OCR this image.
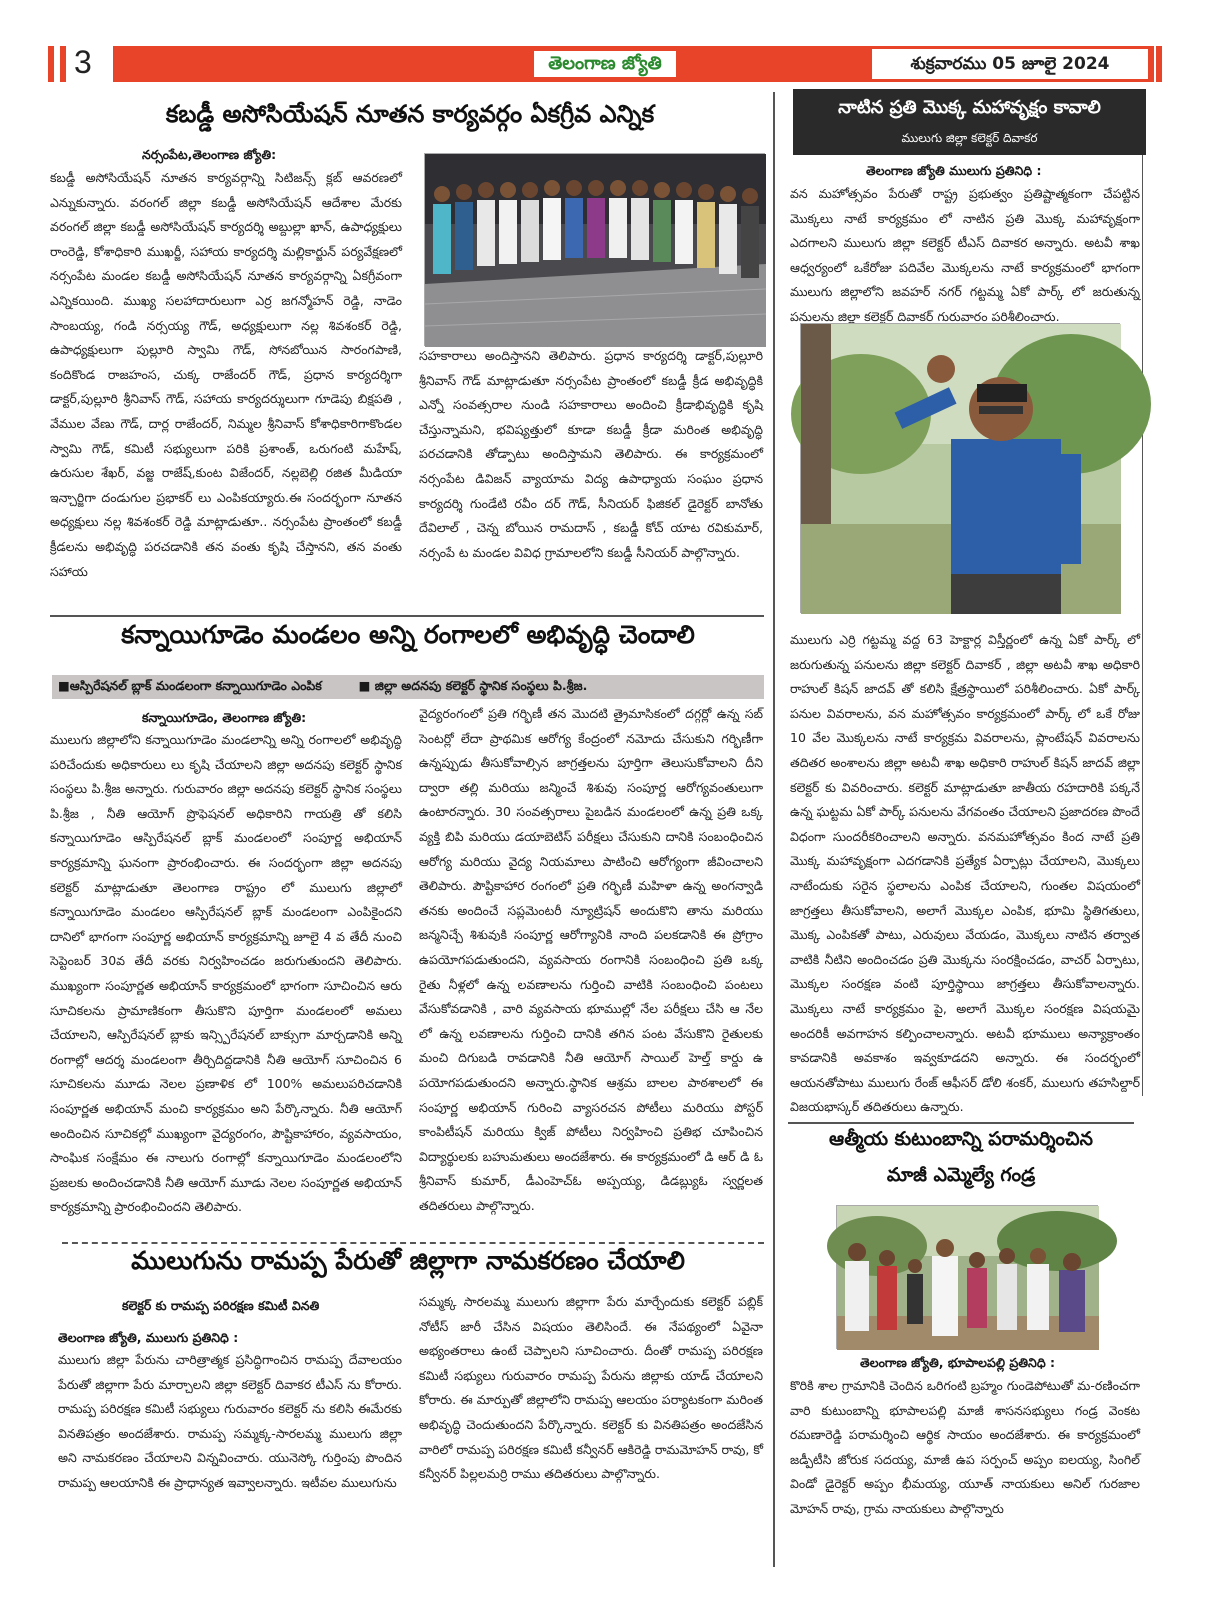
3	తెలంగాణ జ్యోతి	శుక్రవారము 05 జూలై 2024
కబడ్డీ అసోసియేషన్ నూతన కార్యవర్గం ఏకగ్రీవ ఎన్నిక
నర్సంపేట,తెలంగాణ జ్యోతి:
కబడ్డీ అసోసియేషన్ నూతన కార్యవర్గాన్ని సిటిజన్స్ క్లబ్ ఆవరణలో ఎన్నుకున్నారు. వరంగల్ జిల్లా కబడ్డీ అసోసియేషన్ ఆదేశాల మేరకు వరంగల్ జిల్లా కబడ్డీ అసోసియేషన్ కార్యదర్శి అబ్దుల్లా ఖాన్, ఉపాధ్యక్షులు రాంరెడ్డి, కోశాధికారి ముఖర్జీ, సహాయ కార్యదర్శి మల్లికార్జున్ పర్యవేక్షణలో నర్సంపేట మండల కబడ్డీ అసోసియేషన్ నూతన కార్యవర్గాన్ని ఏకగ్రీవంగా ఎన్నికయింది. ముఖ్య సలహాదారులుగా ఎర్ర జగన్మోహన్ రెడ్డి, నాడెం సాంబయ్య, గండి నర్సయ్య గౌడ్, అధ్యక్షులుగా నల్ల శివశంకర్ రెడ్డి, ఉపాధ్యక్షులుగా పుల్లూరి స్వామి గౌడ్, సోనబోయిన సారంగపాణి, కందికొండ రాజహంస, చుక్క రాజేందర్ గౌడ్, ప్రధాన కార్యదర్శిగా డాక్టర్,పుల్లూరి శ్రీనివాస్ గౌడ్, సహాయ కార్యదర్శులుగా గూడెపు బిక్షపతి , వేముల వేణు గౌడ్, దార్ల రాజేందర్, నిమ్మల శ్రీనివాస్ కోశాధికారిగాకొండల స్వామి గౌడ్, కమిటీ సభ్యులుగా పరికి ప్రశాంత్, ఒరుగంటి మహేష్, ఉరుసుల శేఖర్, వజ్జ రాజేష్,కుంట విజేందర్, నల్లబెల్లి రజిత మీడియా ఇన్చార్జిగా దండుగుల ప్రభాకర్ లు ఎంపికయ్యారు.ఈ సందర్భంగా నూతన అధ్యక్షులు నల్ల శివశంకర్ రెడ్డి మాట్లాడుతూ.. నర్సంపేట ప్రాంతంలో కబడ్డీ క్రీడలను అభివృద్ధి పరచడానికి తన వంతు కృషి చేస్తానని, తన వంతు సహాయ
సహకారాలు అందిస్తానని తెలిపారు. ప్రధాన కార్యదర్శి డాక్టర్,పుల్లూరి శ్రీనివాస్ గౌడ్ మాట్లాడుతూ నర్సంపేట ప్రాంతంలో కబడ్డీ క్రీడ అభివృద్ధికి ఎన్నో సంవత్సరాల నుండి సహకారాలు అందించి క్రీడాభివృద్ధికి కృషి చేస్తున్నామని, భవిష్యత్తులో కూడా కబడ్డీ క్రీడా మరింత అభివృద్ధి పరచడానికి తోడ్పాటు అందిస్తామని తెలిపారు. ఈ కార్యక్రమంలో నర్సంపేట డివిజన్ వ్యాయామ విద్య ఉపాధ్యాయ సంఘం ప్రధాన కార్యదర్శి గుండేటి రవీం దర్ గౌడ్, సీనియర్ ఫిజికల్ డైరెక్టర్ బానోతు దేవిలాల్ , చెన్న బోయిన రామదాస్ , కబడ్డీ కోచ్ యాట రవికుమార్, నర్సంపే ట మండల వివిధ గ్రామాలలోని కబడ్డీ సీనియర్ పాల్గొన్నారు.
కన్నాయిగూడెం మండలం అన్ని రంగాలలో అభివృద్ధి చెందాలి
■ఆస్పిరేషనల్ బ్లాక్ మండలంగా కన్నాయిగూడెం ఎంపిక	■ జిల్లా అదనపు కలెక్టర్ స్థానిక సంస్థలు పి.శ్రీజ.
కన్నాయిగూడెం, తెలంగాణ జ్యోతి:
ములుగు జిల్లాలోని కన్నాయిగూడెం మండలాన్ని అన్ని రంగాలలో అభివృద్ధి పరిచేందుకు అధికారులు లు కృషి చేయాలని జిల్లా అదనపు కలెక్టర్ స్థానిక సంస్థలు పి.శ్రీజ అన్నారు. గురువారం జిల్లా అదనపు కలెక్టర్ స్థానిక సంస్థలు పి.శ్రీజ , నీతి ఆయోగ్ ప్రొఫెషనల్ అధికారిని గాయత్రి తో కలిసి కన్నాయిగూడెం ఆస్పిరేషనల్ బ్లాక్ మండలంలో సంపూర్ణ అభియాన్ కార్యక్రమాన్ని ఘనంగా ప్రారంభించారు. ఈ సందర్భంగా జిల్లా అదనపు కలెక్టర్ మాట్లాడుతూ తెలంగాణ రాష్ట్రం లో ములుగు జిల్లాలో కన్నాయిగూడెం మండలం ఆస్పిరేషనల్ బ్లాక్ మండలంగా ఎంపికైందని దానిలో భాగంగా సంపూర్ణ అభియాన్ కార్యక్రమాన్ని జూలై 4 వ తేదీ నుంచి సెప్టెంబర్ 30వ తేదీ వరకు నిర్వహించడం జరుగుతుందని తెలిపారు. ముఖ్యంగా సంపూర్ణత అభియాన్ కార్యక్రమంలో భాగంగా సూచించిన ఆరు సూచికలను ప్రామాణికంగా తీసుకొని పూర్తిగా మండలంలో అమలు చేయాలని, ఆస్పిరేషనల్ బ్లాకు ఇన్స్పిరేషనల్ బాక్సుగా మార్చడానికి అన్ని రంగాల్లో ఆదర్శ మండలంగా తీర్చిదిద్దడానికి నీతి ఆయోగ్ సూచించిన 6 సూచికలను మూడు నెలల ప్రణాళిక లో 100% అమలుపరిచడానికి సంపూర్ణత అభియాన్ మంచి కార్యక్రమం అని పేర్కొన్నారు. నీతి ఆయోగ్ అందించిన సూచికల్లో ముఖ్యంగా వైద్యరంగం, పౌష్టికాహారం, వ్యవసాయం, సాంఘిక సంక్షేమం ఈ నాలుగు రంగాల్లో కన్నాయిగూడెం మండలంలోని ప్రజలకు అందించడానికి నీతి ఆయోగ్ మూడు నెలల సంపూర్ణత అభియాన్ కార్యక్రమాన్ని ప్రారంభించిందని తెలిపారు.
వైద్యరంగంలో ప్రతి గర్భిణీ తన మొదటి త్రైమాసికంలో దగ్గర్లో ఉన్న సబ్ సెంటర్లో లేదా ప్రాథమిక ఆరోగ్య కేంద్రంలో నమోదు చేసుకుని గర్భిణీగా ఉన్నప్పుడు తీసుకోవాల్సిన జాగ్రత్తలను పూర్తిగా తెలుసుకోవాలని దీని ద్వారా తల్లి మరియు జన్మించే శిశువు సంపూర్ణ ఆరోగ్యవంతులుగా ఉంటారన్నారు. 30 సంవత్సరాలు పైబడిన మండలంలో ఉన్న ప్రతి ఒక్క వ్యక్తి బిపి మరియు డయాబెటిస్ పరీక్షలు చేసుకుని దానికి సంబంధించిన ఆరోగ్య మరియు వైద్య నియమాలు పాటించి ఆరోగ్యంగా జీవించాలని తెలిపారు. పౌష్టికాహార రంగంలో ప్రతి గర్భిణీ మహిళా ఉన్న అంగన్వాడి తనకు అందించే సప్లమెంటరీ న్యూట్రిషన్ అందుకొని తాను మరియు జన్మనిచ్చే శిశువుకి సంపూర్ణ ఆరోగ్యానికి నాంది పలకడానికి ఈ ప్రోగ్రాం ఉపయోగపడుతుందని, వ్యవసాయ రంగానికి సంబంధించి ప్రతి ఒక్క రైతు నీళ్లలో ఉన్న లవణాలను గుర్తించి వాటికి సంబంధించి పంటలు వేసుకోవడానికి , వారి వ్యవసాయ భూముల్లో నేల పరీక్షలు చేసి ఆ నేల లో ఉన్న లవణాలను గుర్తించి దానికి తగిన పంట వేసుకొని రైతులకు మంచి దిగుబడి రావడానికి నీతి ఆయోగ్ సాయిల్ హెల్త్ కార్డు ఉ పయోగపడుతుందని అన్నారు.స్థానిక ఆశ్రమ బాలల పాఠశాలలో ఈ సంపూర్ణ అభియాన్ గురించి వ్యాసరచన పోటీలు మరియు పోస్టర్ కాంపిటీషన్ మరియు క్విజ్ పోటీలు నిర్వహించి ప్రతిభ చూపించిన విద్యార్థులకు బహుమతులు అందజేశారు. ఈ కార్యక్రమంలో డి ఆర్ డి ఓ శ్రీనివాస్ కుమార్, డీఎంహెచ్ఓ అప్పయ్య, డిడబ్ల్యుఓ స్వర్ణలత తదితరులు పాల్గొన్నారు.
ములుగును రామప్ప పేరుతో జిల్లాగా నామకరణం చేయాలి
కలెక్టర్ కు రామప్ప పరిరక్షణ కమిటీ వినతి
తెలంగాణ జ్యోతి, ములుగు ప్రతినిధి :
ములుగు జిల్లా పేరును చారిత్రాత్మక ప్రసిద్ధిగాంచిన రామప్ప దేవాలయం పేరుతో జిల్లాగా పేరు మార్చాలని జిల్లా కలెక్టర్ దివాకర టీఎస్ ను కోరారు. రామప్ప పరిరక్షణ కమిటీ సభ్యులు గురువారం కలెక్టర్ ను కలిసి ఈమేరకు వినతిపత్రం అందజేశారు. రామప్ప సమ్మక్క-సారలమ్మ ములుగు జిల్లా అని నామకరణం చేయాలని విన్నవించారు. యునెస్కో గుర్తింపు పొందిన రామప్ప ఆలయానికి ఈ ప్రాధాన్యత ఇవ్వాలన్నారు. ఇటీవల ములుగును
సమ్మక్క సారలమ్మ ములుగు జిల్లాగా పేరు మార్చేందుకు కలెక్టర్ పబ్లిక్ నోటీస్ జారీ చేసిన విషయం తెలిసిందే. ఈ నేపథ్యంలో ఏవైనా అభ్యంతరాలు ఉంటే చెప్పాలని సూచించారు. దీంతో రామప్ప పరిరక్షణ కమిటీ సభ్యులు గురువారం రామప్ప పేరును జిల్లాకు యాడ్ చేయాలని కోరారు. ఈ మార్పుతో జిల్లాలోని రామప్ప ఆలయం పర్యాటకంగా మరింత అభివృద్ధి చెందుతుందని పేర్కొన్నారు. కలెక్టర్ కు వినతిపత్రం అందజేసిన వారిలో రామప్ప పరిరక్షణ కమిటీ కన్వీనర్ ఆకిరెడ్డి రామమోహన్ రావు, కో కన్వీనర్ పిల్లలమర్రి రాము తదితరులు పాల్గొన్నారు.
నాటిన ప్రతి మొక్క మహావృక్షం కావాలి
ములుగు జిల్లా కలెక్టర్ దివాకర
తెలంగాణ జ్యోతి ములుగు ప్రతినిధి :
వన మహోత్సవం పేరుతో రాష్ట్ర ప్రభుత్వం ప్రతిష్టాత్మకంగా చేపట్టిన మొక్కలు నాటే కార్యక్రమం లో నాటిన ప్రతి మొక్క మహావృక్షంగా ఎదగాలని ములుగు జిల్లా కలెక్టర్ టీఎస్ దివాకర అన్నారు. అటవీ శాఖ ఆధ్వర్యంలో ఒకేరోజు పదివేల మొక్కలను నాటే కార్యక్రమంలో భాగంగా ములుగు జిల్లాలోని జవహర్ నగర్ గట్టమ్మ ఏకో పార్క్ లో జరుతున్న పనులను జిల్లా కలెక్టర్ దివాకర్ గురువారం పరిశీలించారు.
ములుగు ఎర్రి గట్టమ్మ వద్ద 63 హెక్టార్ల విస్తీర్ణంలో ఉన్న ఏకో పార్క్ లో జరుగుతున్న పనులను జిల్లా కలెక్టర్ దివాకర్ , జిల్లా అటవీ శాఖ అధికారి రాహుల్ కిషన్ జాదవ్ తో కలిసి క్షేత్రస్థాయిలో పరిశీలించారు. ఏకో పార్క్ పనుల వివరాలను, వన మహోత్సవం కార్యక్రమంలో పార్క్ లో ఒకే రోజు 10 వేల మొక్కలను నాటే కార్యక్రమ వివరాలను, ప్లాంటేషన్ వివరాలను తదితర అంశాలను జిల్లా అటవీ శాఖ అధికారి రాహుల్ కిషన్ జాదవ్ జిల్లా కలెక్టర్ కు వివరించారు. కలెక్టర్ మాట్లాడుతూ జాతీయ రహదారికి పక్కనే ఉన్న ఘట్టమ ఏకో పార్క్ పనులను వేగవంతం చేయాలని ప్రజాదరణ పొందే విధంగా సుందరీకరించాలని అన్నారు. వనమహోత్సవం కింద నాటే ప్రతి మొక్క మహావృక్షంగా ఎదగడానికి ప్రత్యేక ఏర్పాట్లు చేయాలని, మొక్కలు నాటేందుకు సరైన స్థలాలను ఎంపిక చేయాలని, గుంతల విషయంలో జాగ్రత్తలు తీసుకోవాలని, అలాగే మొక్కల ఎంపిక, భూమి స్థితిగతులు, మొక్క ఎంపికతో పాటు, ఎరువులు వేయడం, మొక్కలు నాటిన తర్వాత వాటికి నీటిని అందించడం ప్రతి మొక్కను సంరక్షించడం, వాచర్ ఏర్పాటు, మొక్కల సంరక్షణ వంటి పూర్తిస్థాయి జాగ్రత్తలు తీసుకోవాలన్నారు. మొక్కలు నాటే కార్యక్రమం పై, అలాగే మొక్కల సంరక్షణ విషయమై అందరికీ అవగాహన కల్పించాలన్నారు. అటవీ భూములు అన్యాక్రాంతం కావడానికి అవకాశం ఇవ్వకూడదని అన్నారు. ఈ సందర్భంలో ఆయనతోపాటు ములుగు రేంజ్ ఆఫీసర్ డోలి శంకర్, ములుగు తహసిల్దార్ విజయభాస్కర్ తదితరులు ఉన్నారు.
ఆత్మీయ కుటుంబాన్ని పరామర్శించిన
మాజీ ఎమ్మెల్యే గండ్ర
తెలంగాణ జ్యోతి, భూపాలపల్లి ప్రతినిధి :
కొరికి శాల గ్రామానికి చెందిన ఒరిగంటి బ్రహ్మం గుండెపోటుతో మ-రణించగా వారి కుటుంబాన్ని భూపాలపల్లి మాజీ శాసనసభ్యులు గండ్ర వెంకట రమణారెడ్డి పరామర్శించి ఆర్థిక సాయం అందజేశారు. ఈ కార్యక్రమంలో జడ్పీటీసి జోరుక సదయ్య, మాజీ ఉప సర్పంచ్ అప్పం ఐలయ్య, సింగిల్ విండో డైరెక్టర్ అప్పం భీమయ్య, యూత్ నాయకులు అనిల్ గురజాల మోహన్ రావు, గ్రామ నాయకులు పాల్గొన్నారు
